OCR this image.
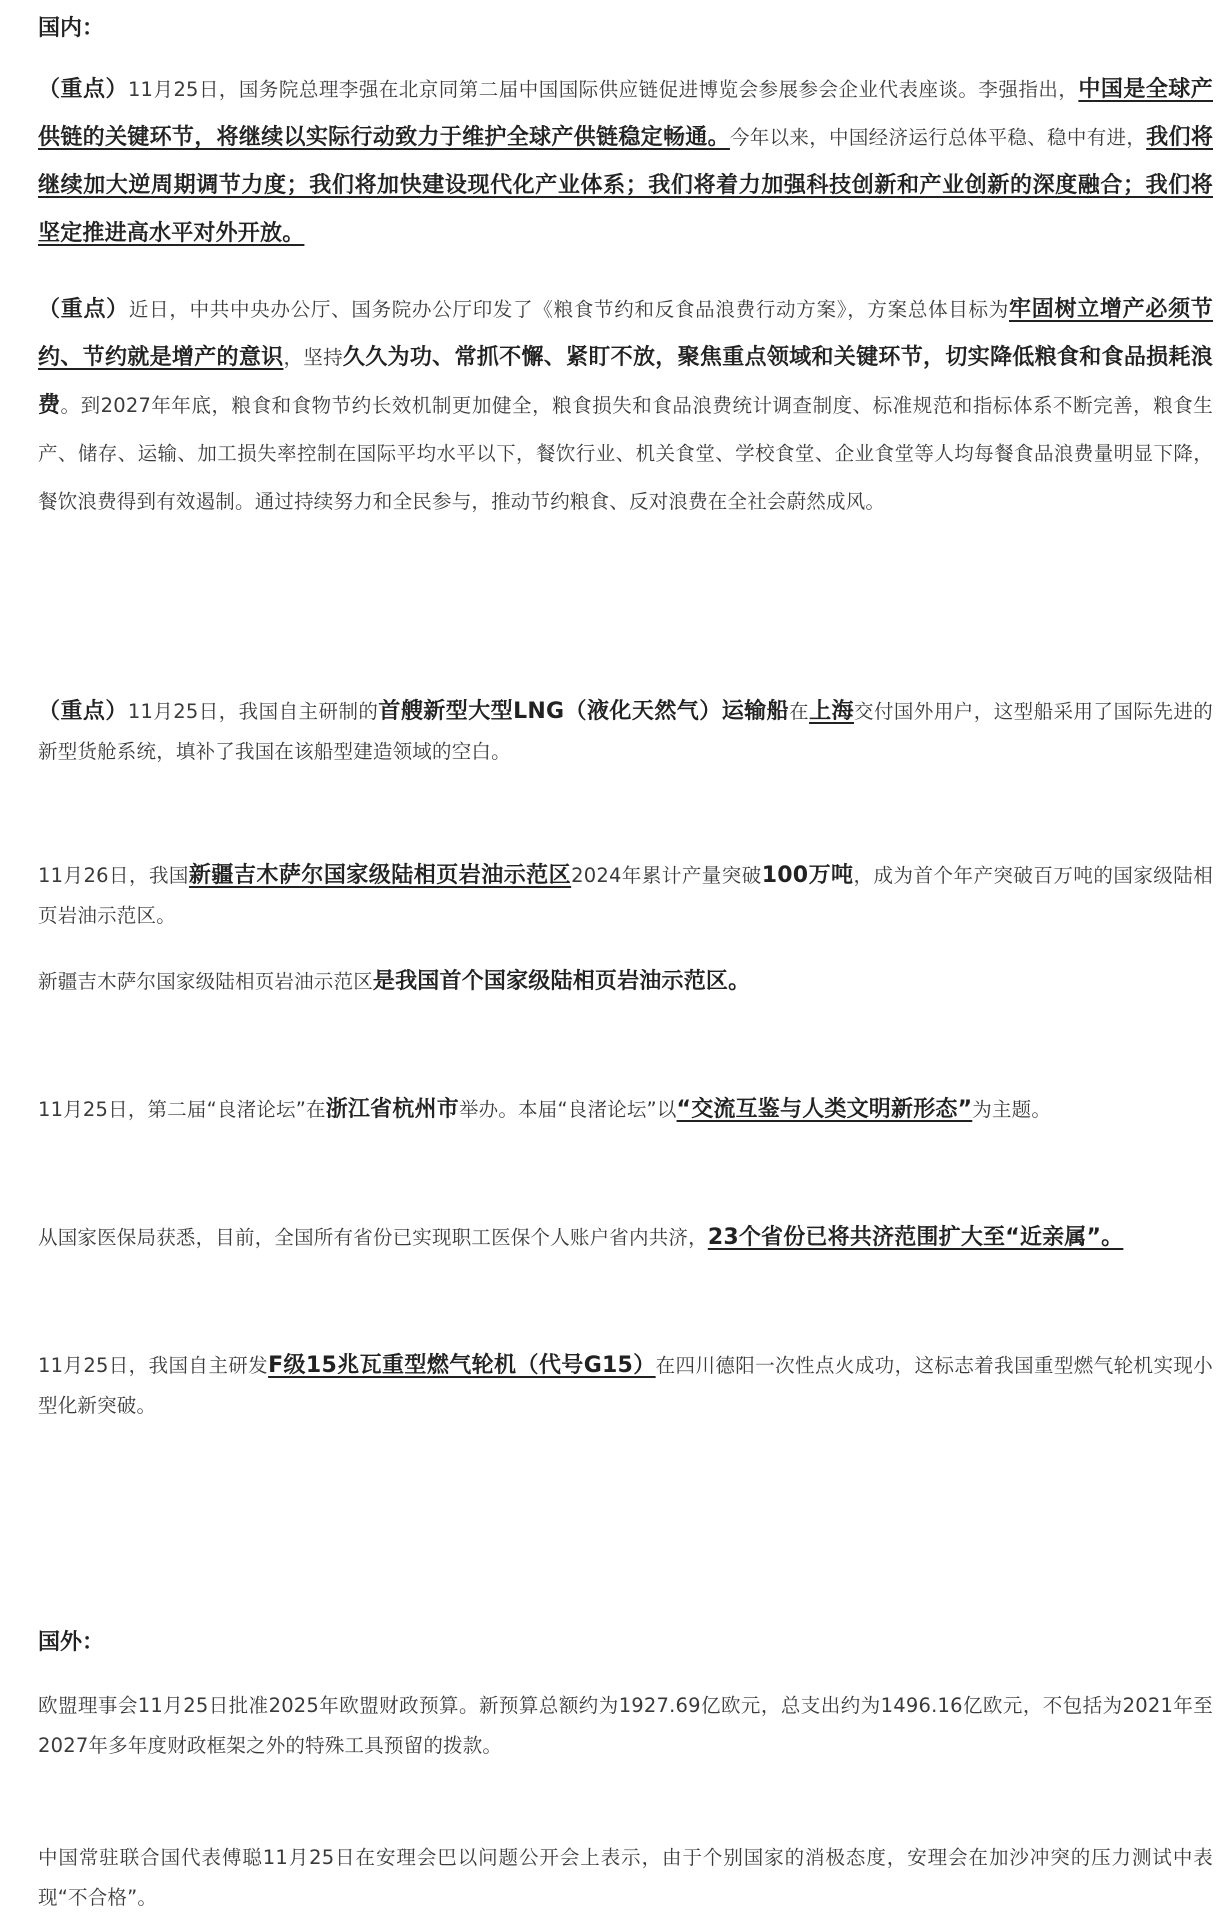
国内：
（重点）11月25日，国务院总理李强在北京同第二届中国国际供应链促进博览会参展参会企业代表座谈。李强指出，中国是全球产供链的关键环节，将继续以实际行动致力于维护全球产供链稳定畅通。今年以来，中国经济运行总体平稳、稳中有进，我们将继续加大逆周期调节力度；我们将加快建设现代化产业体系；我们将着力加强科技创新和产业创新的深度融合；我们将坚定推进高水平对外开放。
（重点）近日，中共中央办公厅、国务院办公厅印发了《粮食节约和反食品浪费行动方案》，方案总体目标为牢固树立增产必须节约、节约就是增产的意识，坚持久久为功、常抓不懈、紧盯不放，聚焦重点领域和关键环节，切实降低粮食和食品损耗浪费。到2027年年底，粮食和食物节约长效机制更加健全，粮食损失和食品浪费统计调查制度、标准规范和指标体系不断完善，粮食生产、储存、运输、加工损失率控制在国际平均水平以下，餐饮行业、机关食堂、学校食堂、企业食堂等人均每餐食品浪费量明显下降，餐饮浪费得到有效遏制。通过持续努力和全民参与，推动节约粮食、反对浪费在全社会蔚然成风。
（重点）11月25日，我国自主研制的首艘新型大型LNG（液化天然气）运输船在上海交付国外用户，这型船采用了国际先进的新型货舱系统，填补了我国在该船型建造领域的空白。
11月26日，我国新疆吉木萨尔国家级陆相页岩油示范区2024年累计产量突破100万吨，成为首个年产突破百万吨的国家级陆相页岩油示范区。
新疆吉木萨尔国家级陆相页岩油示范区是我国首个国家级陆相页岩油示范区。
11月25日，第二届“良渚论坛”在浙江省杭州市举办。本届“良渚论坛”以“交流互鉴与人类文明新形态”为主题。
从国家医保局获悉，目前，全国所有省份已实现职工医保个人账户省内共济，23个省份已将共济范围扩大至“近亲属”。
11月25日，我国自主研发F级15兆瓦重型燃气轮机（代号G15）在四川德阳一次性点火成功，这标志着我国重型燃气轮机实现小型化新突破。
国外：
欧盟理事会11月25日批准2025年欧盟财政预算。新预算总额约为1927.69亿欧元，总支出约为1496.16亿欧元，不包括为2021年至2027年多年度财政框架之外的特殊工具预留的拨款。
中国常驻联合国代表傅聪11月25日在安理会巴以问题公开会上表示，由于个别国家的消极态度，安理会在加沙冲突的压力测试中表现“不合格”。
